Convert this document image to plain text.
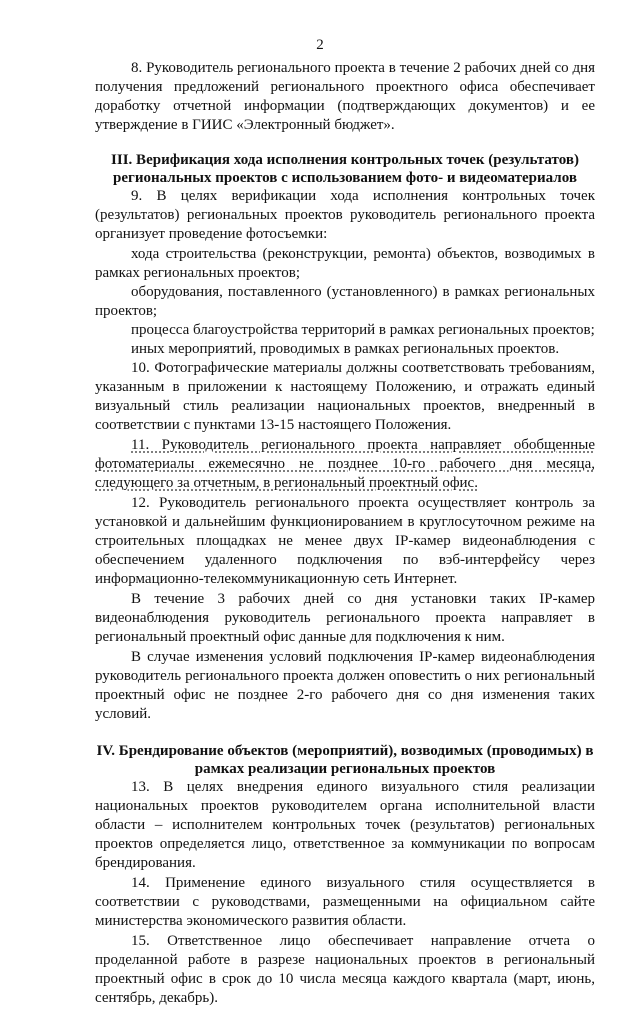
2

8. Руководитель регионального проекта в течение 2 рабочих дней со дня получения предложений регионального проектного офиса обеспечивает доработку отчетной информации (подтверждающих документов) и ее утверждение в ГИИС «Электронный бюджет».

III. Верификация хода исполнения контрольных точек (результатов) региональных проектов с использованием фото- и видеоматериалов

9. В целях верификации хода исполнения контрольных точек (результатов) региональных проектов руководитель регионального проекта организует проведение фотосъемки:

хода строительства (реконструкции, ремонта) объектов, возводимых в рамках региональных проектов;

оборудования, поставленного (установленного) в рамках региональных проектов;

процесса благоустройства территорий в рамках региональных проектов;

иных мероприятий, проводимых в рамках региональных проектов.

10. Фотографические материалы должны соответствовать требованиям, указанным в приложении к настоящему Положению, и отражать единый визуальный стиль реализации национальных проектов, внедренный в соответствии с пунктами 13-15 настоящего Положения.

11. Руководитель регионального проекта направляет обобщенные фотоматериалы ежемесячно не позднее 10-го рабочего дня месяца, следующего за отчетным, в региональный проектный офис.

12. Руководитель регионального проекта осуществляет контроль за установкой и дальнейшим функционированием в круглосуточном режиме на строительных площадках не менее двух IP-камер видеонаблюдения с обеспечением удаленного подключения по вэб-интерфейсу через информационно-телекоммуникационную сеть Интернет.

В течение 3 рабочих дней со дня установки таких IP-камер видеонаблюдения руководитель регионального проекта направляет в региональный проектный офис данные для подключения к ним.

В случае изменения условий подключения IP-камер видеонаблюдения руководитель регионального проекта должен оповестить о них региональный проектный офис не позднее 2-го рабочего дня со дня изменения таких условий.

IV. Брендирование объектов (мероприятий), возводимых (проводимых) в рамках реализации региональных проектов

13. В целях внедрения единого визуального стиля реализации национальных проектов руководителем органа исполнительной власти области – исполнителем контрольных точек (результатов) региональных проектов определяется лицо, ответственное за коммуникации по вопросам брендирования.

14. Применение единого визуального стиля осуществляется в соответствии с руководствами, размещенными на официальном сайте министерства экономического развития области.

15. Ответственное лицо обеспечивает направление отчета о проделанной работе в разрезе национальных проектов в региональный проектный офис в срок до 10 числа месяца каждого квартала (март, июнь, сентябрь, декабрь).
